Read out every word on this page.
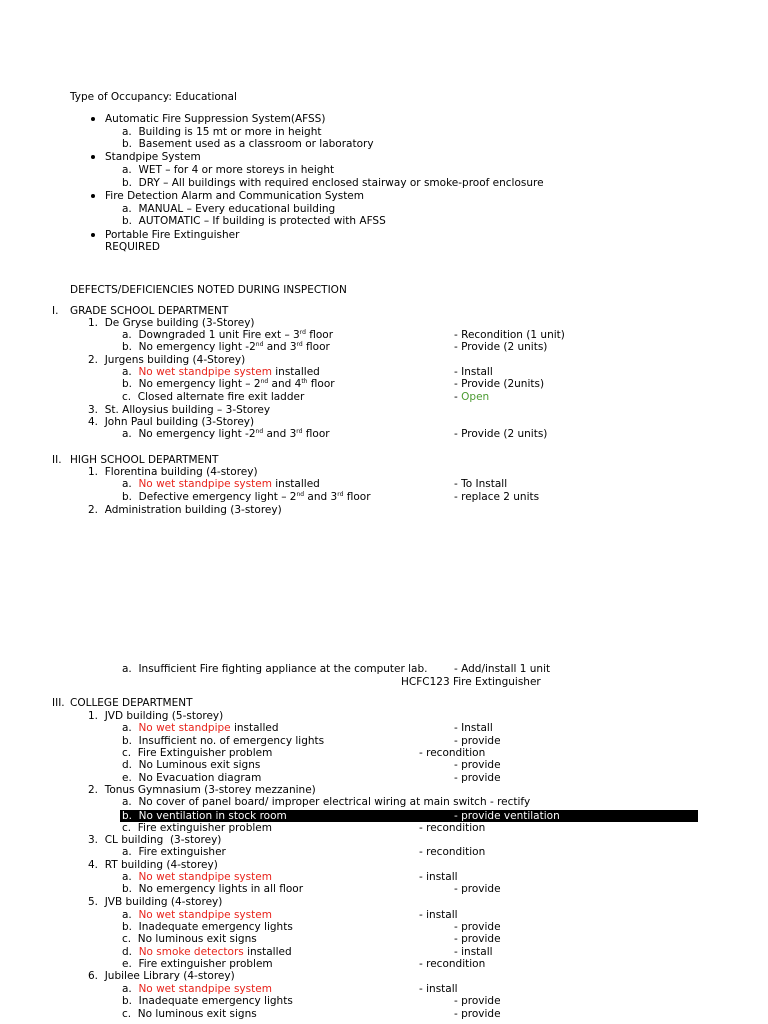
Type of Occupancy: Educational
Automatic Fire Suppression System(AFSS)
a.  Building is 15 mt or more in height
b.  Basement used as a classroom or laboratory
Standpipe System
a.  WET – for 4 or more storeys in height
b.  DRY – All buildings with required enclosed stairway or smoke-proof enclosure
Fire Detection Alarm and Communication System
a.  MANUAL – Every educational building
b.  AUTOMATIC – If building is protected with AFSS
Portable Fire Extinguisher
REQUIRED
DEFECTS/DEFICIENCIES NOTED DURING INSPECTION
I. GRADE SCHOOL DEPARTMENT
1.  De Gryse building (3-Storey)
a.  Downgraded 1 unit Fire ext – 3rd floor	- Recondition (1 unit)
b.  No emergency light -2nd and 3rd floor	- Provide (2 units)
2.  Jurgens building (4-Storey)
a.  No wet standpipe system installed	- Install
b.  No emergency light – 2nd and 4th floor	- Provide (2units)
c.  Closed alternate fire exit ladder	- Open
3.  St. Alloysius building – 3-Storey
4.  John Paul building (3-Storey)
a.  No emergency light -2nd and 3rd floor	- Provide (2 units)
II. HIGH SCHOOL DEPARTMENT
1.  Florentina building (4-storey)
a.  No wet standpipe system installed	- To Install
b.  Defective emergency light – 2nd and 3rd floor	- replace 2 units
2.  Administration building (3-storey)
a.  Insufficient Fire fighting appliance at the computer lab.	- Add/install 1 unit
HCFC123 Fire Extinguisher
III. COLLEGE DEPARTMENT
1.  JVD building (5-storey)
a.  No wet standpipe installed	- Install
b.  Insufficient no. of emergency lights	- provide
c.  Fire Extinguisher problem	- recondition
d.  No Luminous exit signs	- provide
e.  No Evacuation diagram	- provide
2.  Tonus Gymnasium (3-storey mezzanine)
a.  No cover of panel board/ improper electrical wiring at main switch - rectify
b.  No ventilation in stock room	- provide ventilation
c.  Fire extinguisher problem	- recondition
3.  CL building  (3-storey)
a.  Fire extinguisher	- recondition
4.  RT building (4-storey)
a.  No wet standpipe system	- install
b.  No emergency lights in all floor	- provide
5.  JVB building (4-storey)
a.  No wet standpipe system	- install
b.  Inadequate emergency lights	- provide
c.  No luminous exit signs	- provide
d.  No smoke detectors installed	- install
e.  Fire extinguisher problem	- recondition
6.  Jubilee Library (4-storey)
a.  No wet standpipe system	- install
b.  Inadequate emergency lights	- provide
c.  No luminous exit signs	- provide
